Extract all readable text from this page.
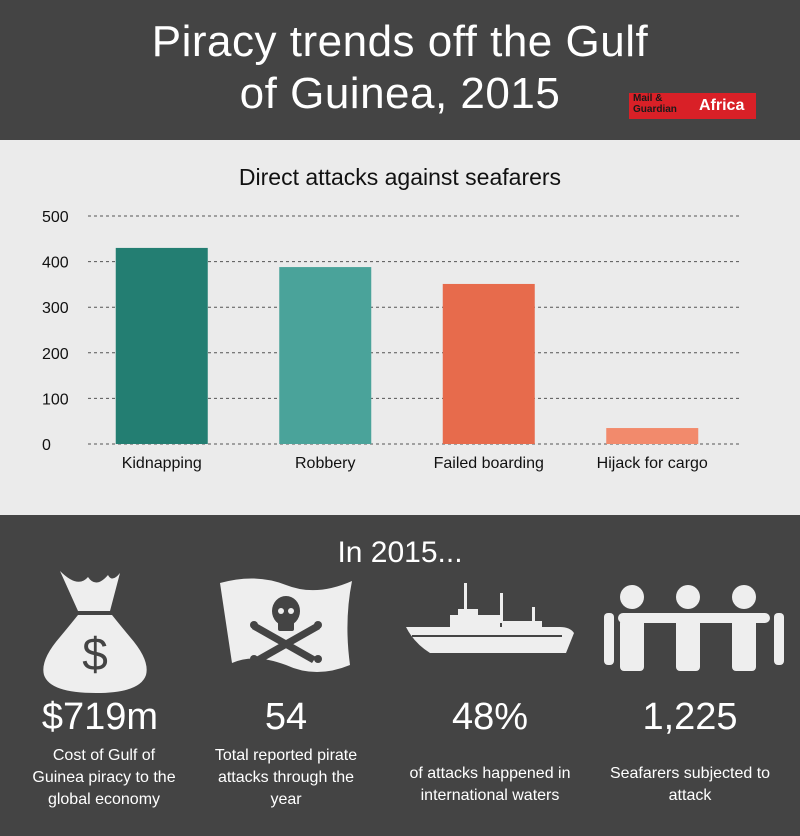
Piracy trends off the Gulf
of Guinea, 2015	Mail &
Guardian Africa
Direct attacks against seafarers
0
100
200
300
400
500
Kidnapping	Robbery	Failed boarding	Hijack for cargo
In 2015...
$
$719m
Cost of Gulf of
Guinea piracy to the
global economy
54
Total reported pirate
attacks through the
year
48%
of attacks happened in
international waters
1,225
Seafarers subjected to
attack
